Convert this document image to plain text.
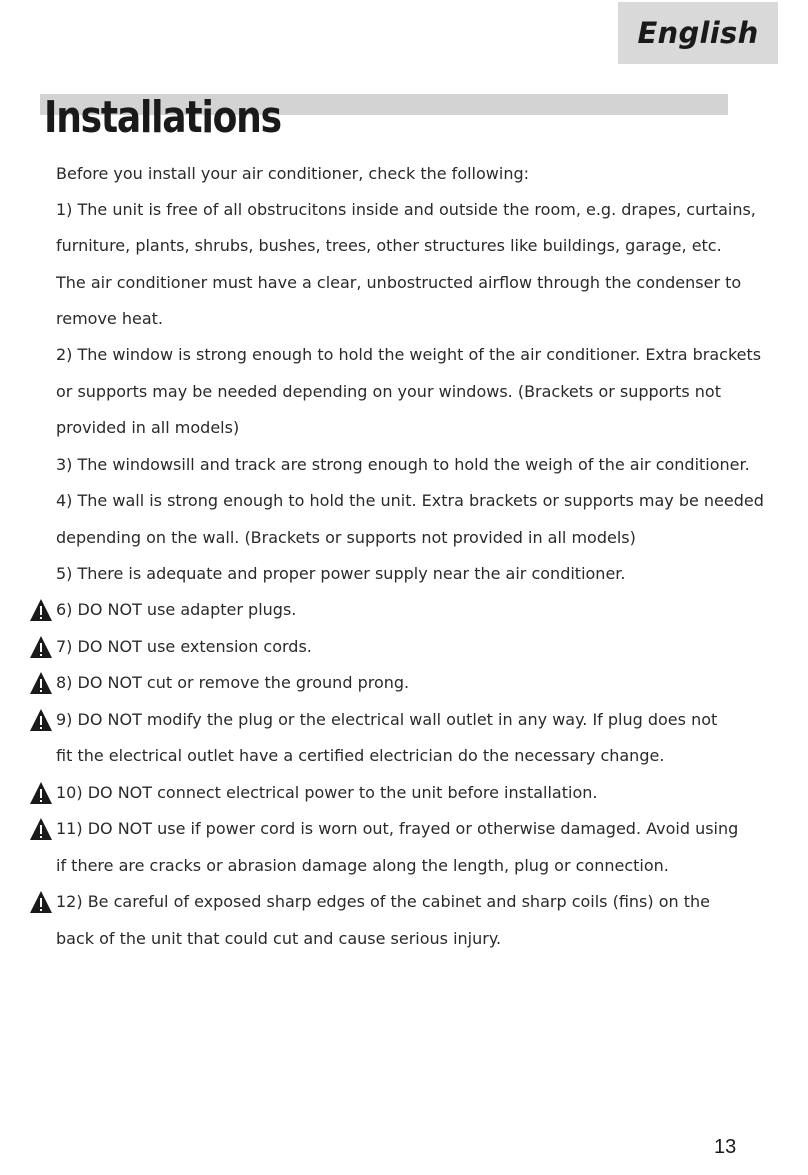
English
Installations
Before you install your air conditioner, check the following:
1) The unit is free of all obstrucitons inside and outside the room, e.g. drapes, curtains,
furniture, plants, shrubs, bushes, trees, other structures like buildings, garage, etc.
The air conditioner must have a clear, unbostructed airflow through the condenser to
remove heat.
2) The window is strong enough to hold the weight of the air conditioner. Extra brackets
or supports may be needed depending on your windows. (Brackets or supports not
provided in all models)
3) The windowsill and track are strong enough to hold the weigh of the air conditioner.
4) The wall is strong enough to hold the unit. Extra brackets or supports may be needed
depending on the wall. (Brackets or supports not provided in all models)
5) There is adequate and proper power supply near the air conditioner.
6) DO NOT use adapter plugs.
7) DO NOT use extension cords.
8) DO NOT cut or remove the ground prong.
9) DO NOT modify the plug or the electrical wall outlet in any way. If plug does not
fit the electrical outlet have a certified electrician do the necessary change.
10) DO NOT connect electrical power to the unit before installation.
11) DO NOT use if power cord is worn out, frayed or otherwise damaged. Avoid using
if there are cracks or abrasion damage along the length, plug or connection.
12) Be careful of exposed sharp edges of the cabinet and sharp coils (fins) on the
back of the unit that could cut and cause serious injury.
13
